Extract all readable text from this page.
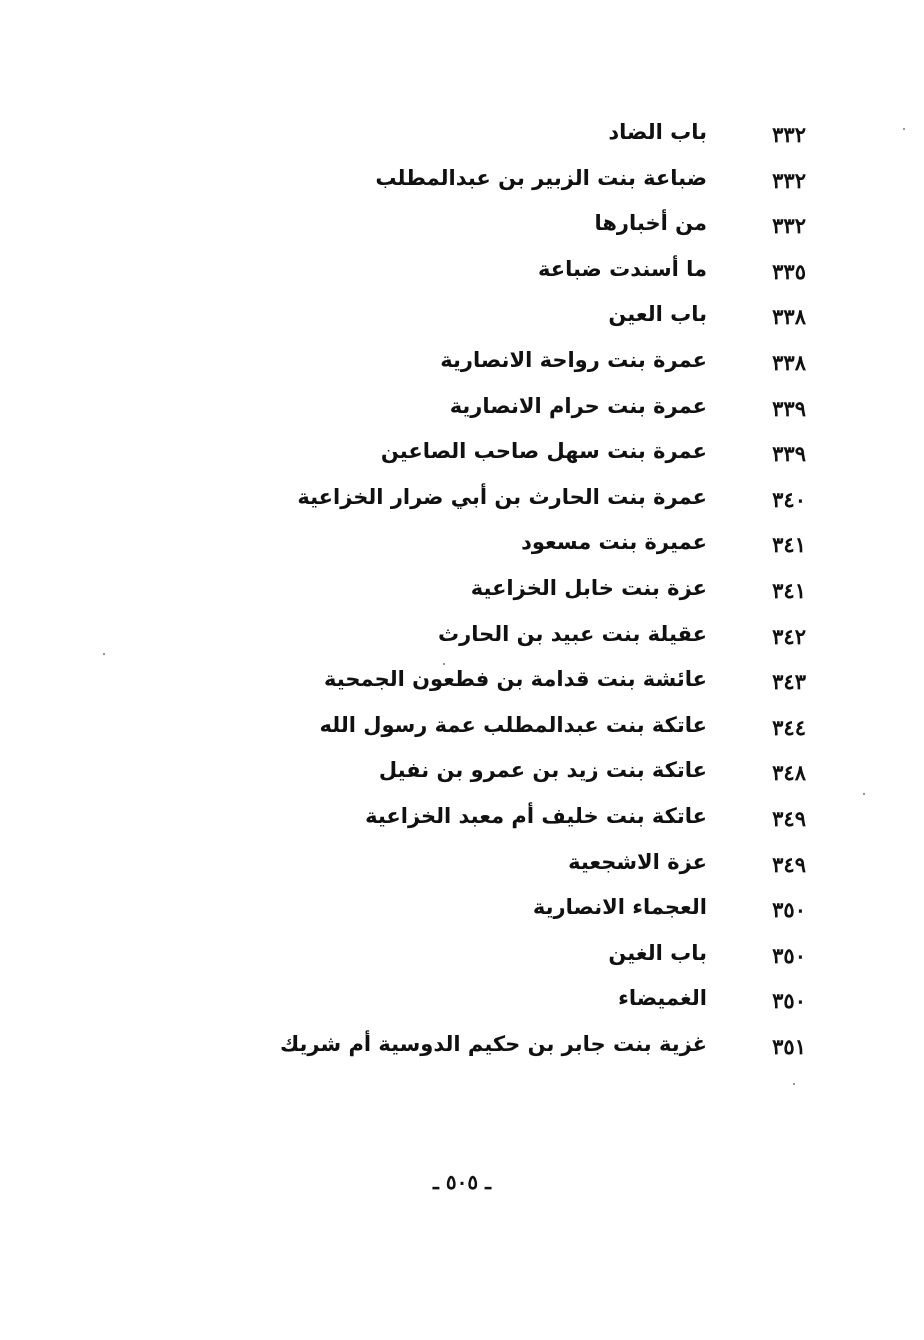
٣٣٢
باب الضاد
٣٣٢
ضباعة بنت الزبير بن عبدالمطلب
٣٣٢
من أخبارها
٣٣٥
ما أسندت ضباعة
٣٣٨
باب العين
٣٣٨
عمرة بنت رواحة الانصارية
٣٣٩
عمرة بنت حرام الانصارية
٣٣٩
عمرة بنت سهل صاحب الصاعين
٣٤٠
عمرة بنت الحارث بن أبي ضرار الخزاعية
٣٤١
عميرة بنت مسعود
٣٤١
عزة بنت خابل الخزاعية
٣٤٢
عقيلة بنت عبيد بن الحارث
٣٤٣
عائشة بنت قدامة بن فطعون الجمحية
٣٤٤
عاتكة بنت عبدالمطلب عمة رسول الله
٣٤٨
عاتكة بنت زيد بن عمرو بن نفيل
٣٤٩
عاتكة بنت خليف أم معبد الخزاعية
٣٤٩
عزة الاشجعية
٣٥٠
العجماء الانصارية
٣٥٠
باب الغين
٣٥٠
الغميضاء
٣٥١
غزية بنت جابر بن حكيم الدوسية أم شريك
ـ ٥٠٥ ـ
